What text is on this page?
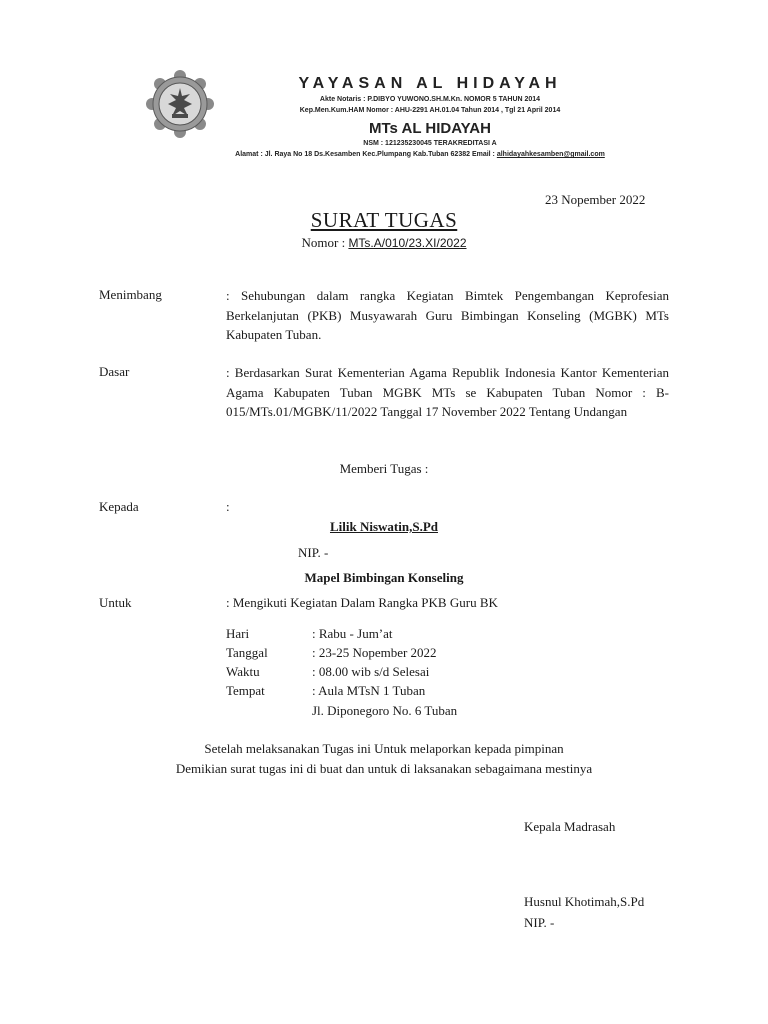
YAYASAN AL HIDAYAH
Akte Notaris : P.DIBYO YUWONO.SH.M.Kn. NOMOR 5 TAHUN 2014
Kep.Men.Kum.HAM Nomor : AHU-2291 AH.01.04 Tahun 2014 , Tgl 21 April 2014
MTs AL HIDAYAH
NSM : 121235230045 TERAKREDITASI A
Alamat : Jl. Raya No 18 Ds.Kesamben Kec.Plumpang Kab.Tuban 62382 Email : alhidayahkesamben@gmail.com
23 Nopember 2022
SURAT TUGAS
Nomor : MTs.A/010/23.XI/2022
Menimbang	: Sehubungan dalam rangka Kegiatan Bimtek Pengembangan Keprofesian Berkelanjutan (PKB) Musyawarah Guru Bimbingan Konseling (MGBK) MTs Kabupaten Tuban.
Dasar	: Berdasarkan Surat Kementerian Agama Republik Indonesia Kantor Kementerian Agama Kabupaten Tuban MGBK MTs se Kabupaten Tuban Nomor : B-015/MTs.01/MGBK/11/2022 Tanggal 17 November 2022 Tentang Undangan
Memberi Tugas :
Kepada	:
Lilik Niswatin,S.Pd
NIP. -
Mapel Bimbingan Konseling
Untuk	: Mengikuti Kegiatan Dalam Rangka PKB Guru BK
Hari	: Rabu - Jum’at
Tanggal	: 23-25 Nopember 2022
Waktu	: 08.00 wib s/d Selesai
Tempat	: Aula MTsN 1 Tuban
Jl. Diponegoro No. 6 Tuban
Setelah melaksanakan Tugas ini Untuk melaporkan kepada pimpinan
Demikian surat tugas ini di buat dan untuk di laksanakan sebagaimana mestinya
Kepala Madrasah
Husnul Khotimah,S.Pd
NIP. -
